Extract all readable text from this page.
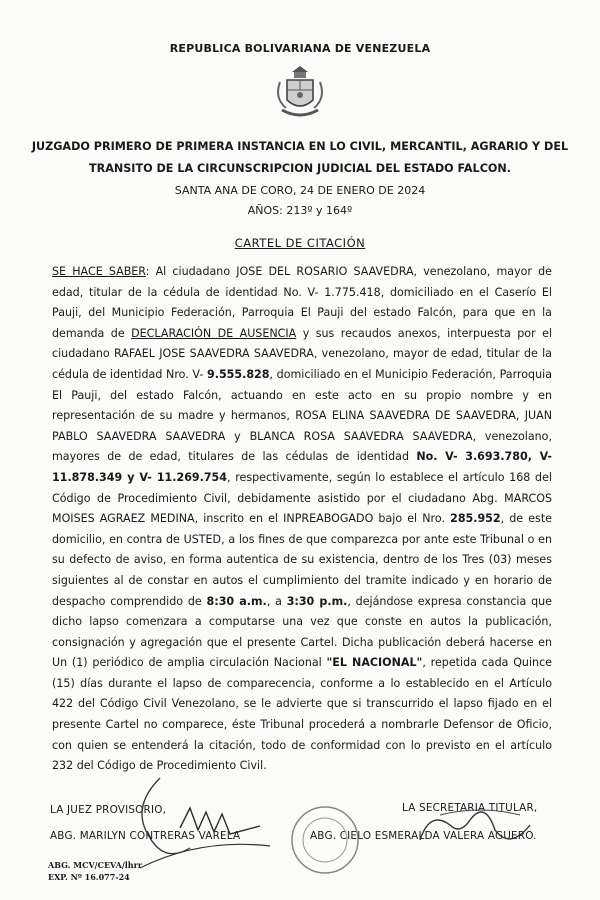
REPUBLICA BOLIVARIANA DE VENEZUELA
JUZGADO PRIMERO DE PRIMERA INSTANCIA EN LO CIVIL, MERCANTIL, AGRARIO Y DEL
TRANSITO DE LA CIRCUNSCRIPCION JUDICIAL DEL ESTADO FALCON.
SANTA ANA DE CORO, 24 DE ENERO DE 2024
AÑOS: 213º y 164º
CARTEL DE CITACIÓN
SE HACE SABER: Al ciudadano JOSE DEL ROSARIO SAAVEDRA, venezolano, mayor de edad, titular de la cédula de identidad No. V- 1.775.418, domiciliado en el Caserío El Pauji, del Municipio Federación, Parroquia El Pauji del estado Falcón, para que en la demanda de DECLARACIÓN DE AUSENCIA y sus recaudos anexos, interpuesta por el ciudadano RAFAEL JOSE SAAVEDRA SAAVEDRA, venezolano, mayor de edad, titular de la cédula de identidad Nro. V- 9.555.828, domiciliado en el Municipio Federación, Parroquia El Pauji, del estado Falcón, actuando en este acto en su propio nombre y en representación de su madre y hermanos, ROSA ELINA SAAVEDRA DE SAAVEDRA, JUAN PABLO SAAVEDRA SAAVEDRA y BLANCA ROSA SAAVEDRA SAAVEDRA, venezolano, mayores de de edad, titulares de las cédulas de identidad No. V- 3.693.780, V- 11.878.349 y V- 11.269.754, respectivamente, según lo establece el artículo 168 del Código de Procedimiento Civil, debidamente asistido por el ciudadano Abg. MARCOS MOISES AGRAEZ MEDINA, inscrito en el INPREABOGADO bajo el Nro. 285.952, de este domicilio, en contra de USTED, a los fines de que comparezca por ante este Tribunal o en su defecto de aviso, en forma autentica de su existencia, dentro de los Tres (03) meses siguientes al de constar en autos el cumplimiento del tramite indicado y en horario de despacho comprendido de 8:30 a.m., a 3:30 p.m., dejándose expresa constancia que dicho lapso comenzara a computarse una vez que conste en autos la publicación, consignación y agregación que el presente Cartel. Dicha publicación deberá hacerse en Un (1) periódico de amplia circulación Nacional "EL NACIONAL", repetida cada Quince (15) días durante el lapso de comparecencia, conforme a lo establecido en el Artículo 422 del Código Civil Venezolano, se le advierte que si transcurrido el lapso fijado en el presente Cartel no comparece, éste Tribunal procederá a nombrarle Defensor de Oficio, con quien se entenderá la citación, todo de conformidad con lo previsto en el artículo 232 del Código de Procedimiento Civil.
LA JUEZ PROVISORIO,
ABG. MARILYN CONTRERAS VARELA
LA SECRETARIA TITULAR,
ABG. CIELO ESMERALDA VALERA AGUERO.
ABG. MCV/CEVA/lhrr
EXP. Nº 16.077-24
